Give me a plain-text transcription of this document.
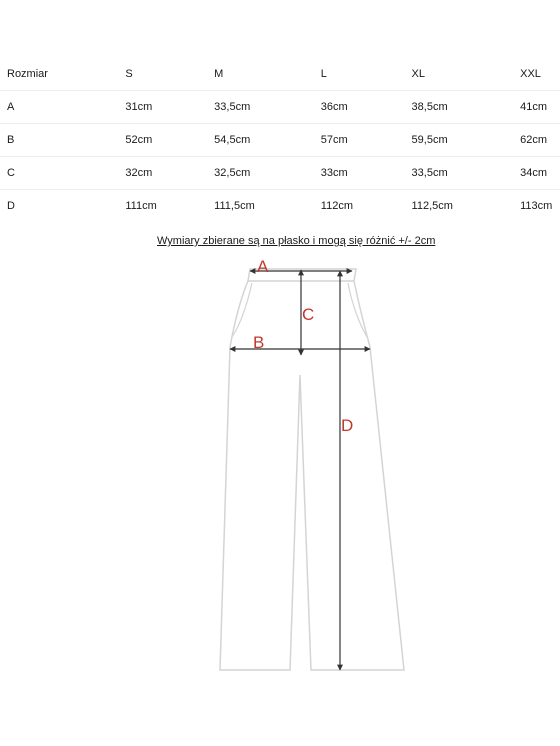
Rozmiar	S	M	L	XL	XXL
A	31cm	33,5cm	36cm	38,5cm	41cm
B	52cm	54,5cm	57cm	59,5cm	62cm
C	32cm	32,5cm	33cm	33,5cm	34cm
D	111cm	111,5cm	112cm	112,5cm	113cm
Wymiary zbierane są na płasko i mogą się różnić +/- 2cm
A
C
B
D
